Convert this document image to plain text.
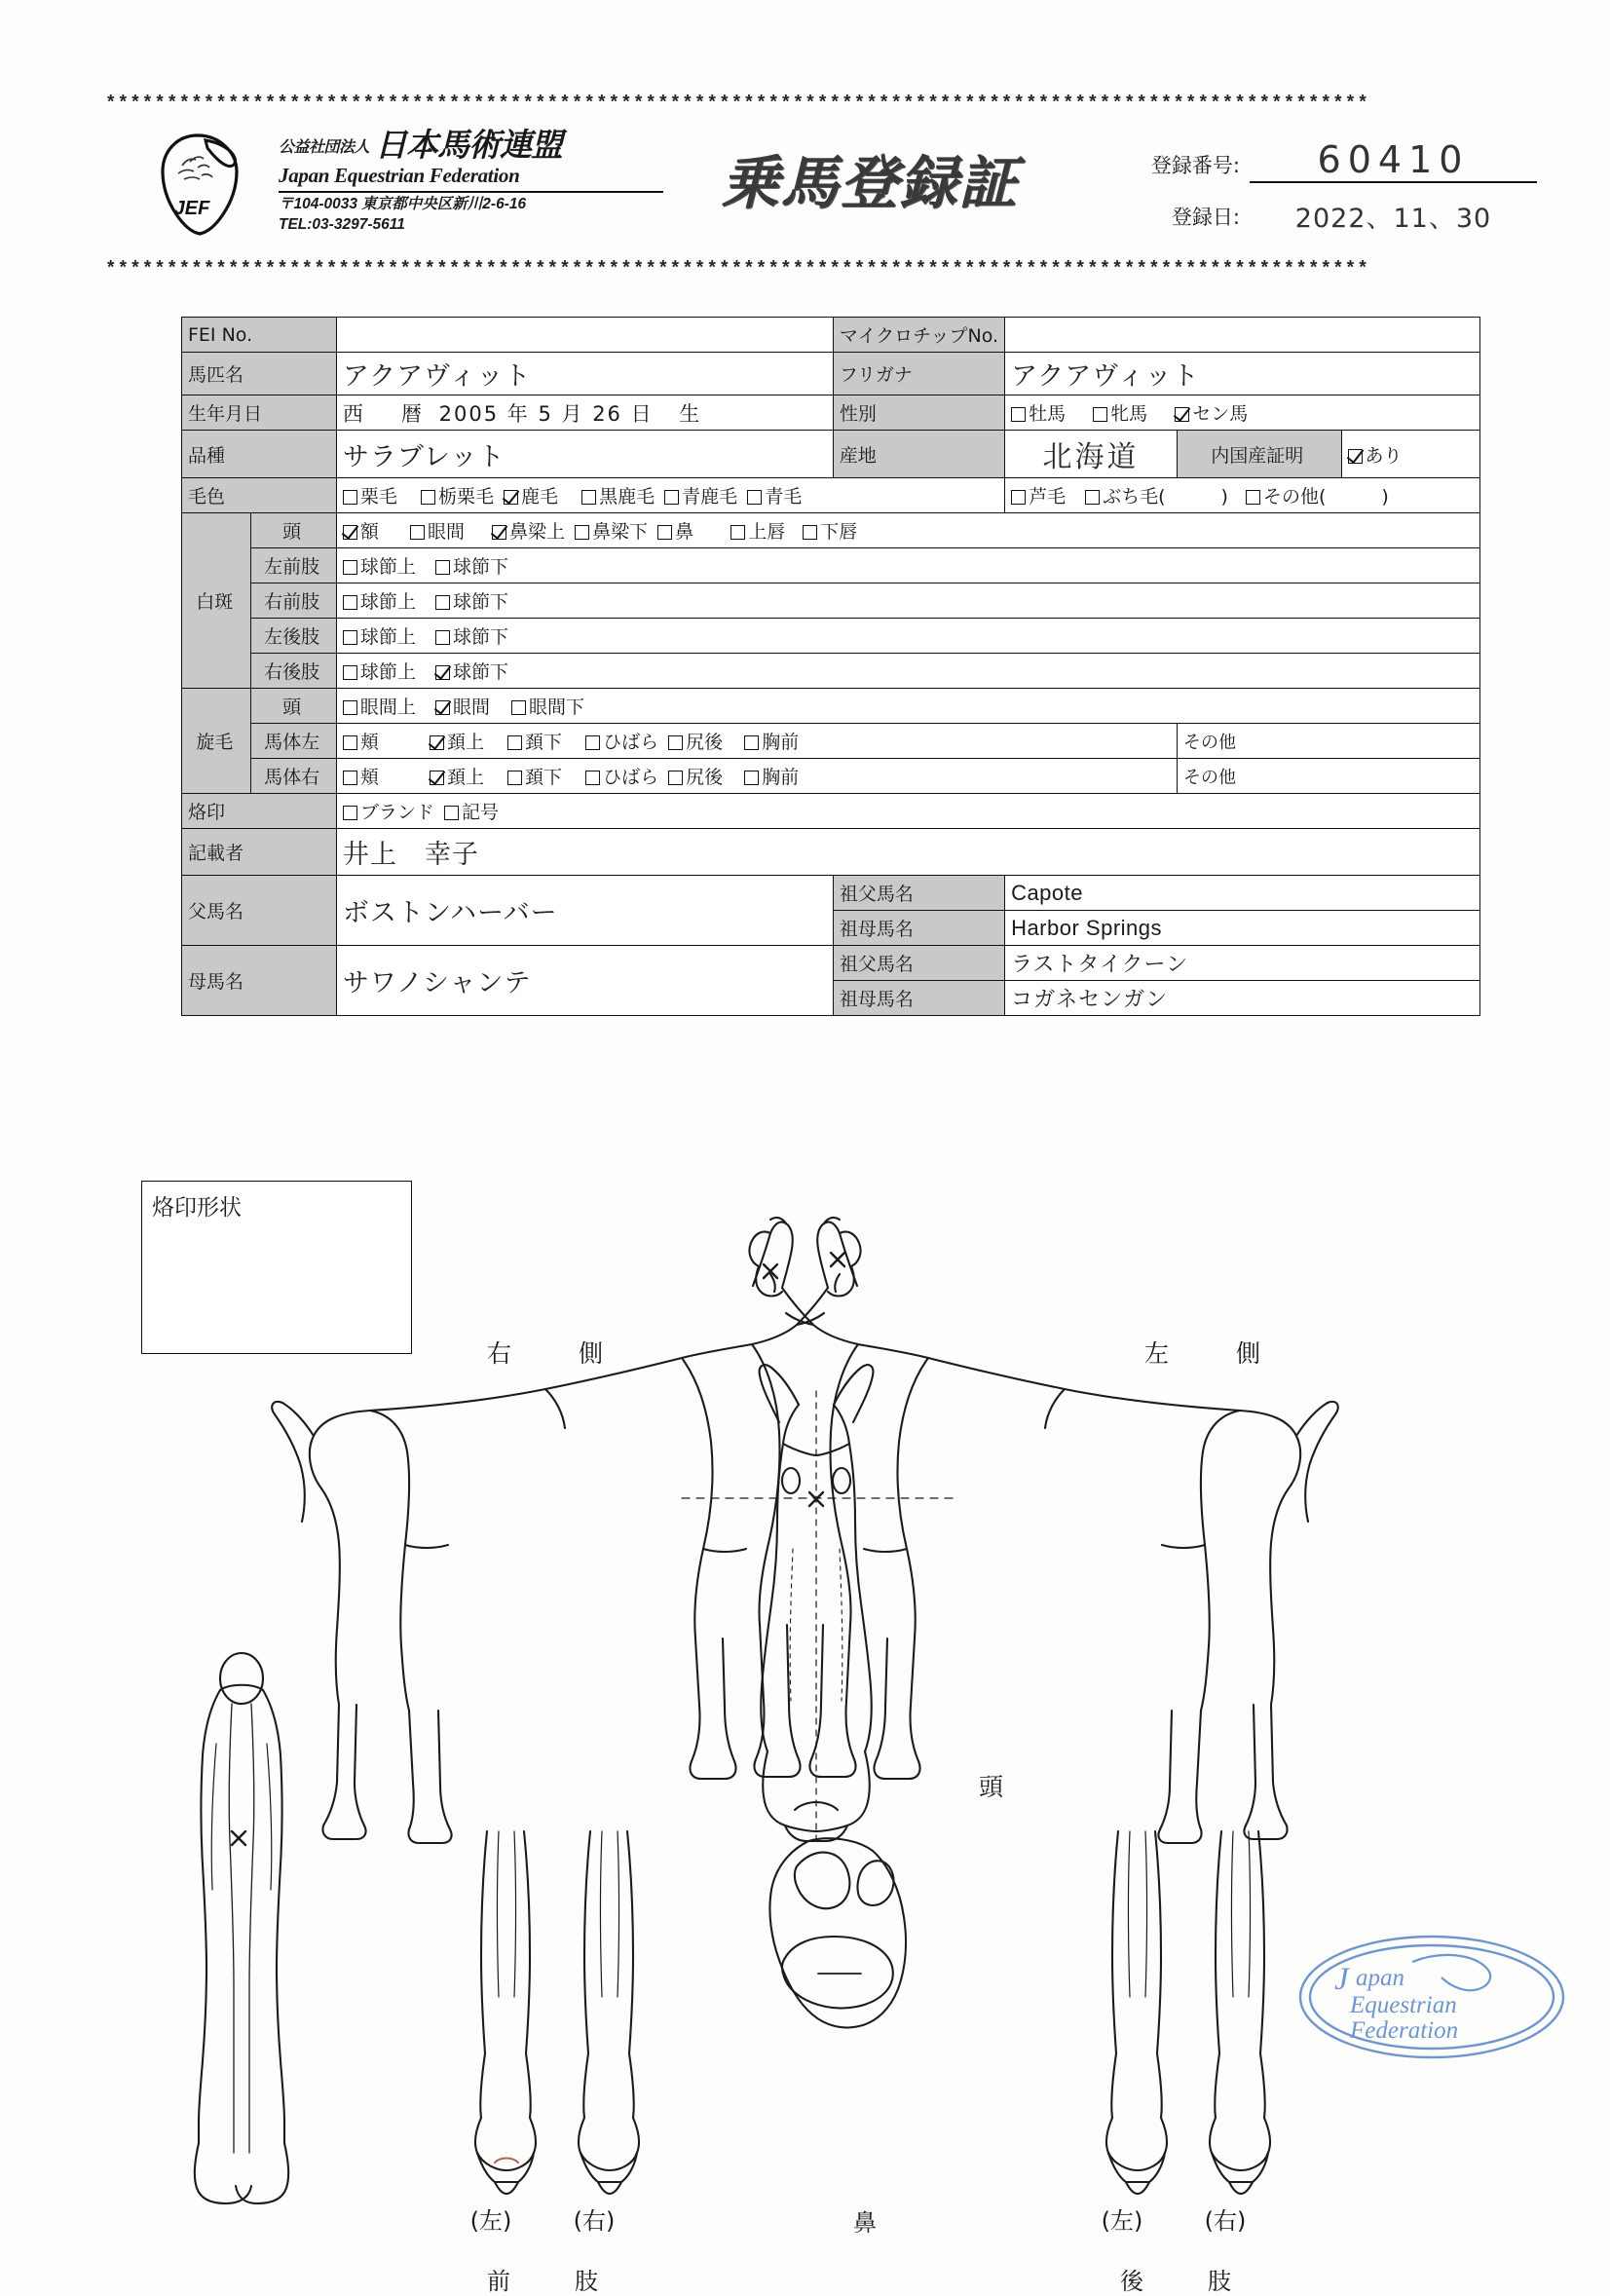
*******************************************************************************************************
JEF
公益社団法人 日本馬術連盟
Japan Equestrian Federation
〒104-0033 東京都中央区新川2-6-16
TEL:03-3297-5611
乗馬登録証	登録番号:	60410
登録日:	2022、11、30
*******************************************************************************************************
FEI No.			マイクロチップNo.			
馬匹名		アクアヴィット	フリガナ	アクアヴィット		
生年月日		西　暦 2005 年 5 月 26 日 生	性別	牡馬 牝馬 セン馬		
品種		サラブレット	産地	北海道	内国産証明	あり
毛色		栗毛 栃栗毛 鹿毛 黒鹿毛 青鹿毛 青毛		芦毛 ぶち毛(　　　) その他(　　　)		
白斑	頭	額 眼間 鼻梁上 鼻梁下 鼻 上唇 下唇				
	左前肢	球節上 球節下				
	右前肢	球節上 球節下				
	左後肢	球節上 球節下				
	右後肢	球節上 球節下				
旋毛	頭	眼間上 眼間 眼間下				
	馬体左	頬 頚上 頚下 ひばら 尻後 胸前			その他	
	馬体右	頬 頚上 頚下 ひばら 尻後 胸前			その他	
烙印		ブランド 記号				
記載者		井上　幸子				
父馬名		ボストンハーバー	祖父馬名	Capote		
			祖母馬名	Harbor Springs		
母馬名		サワノシャンテ	祖父馬名	ラストタイクーン		
			祖母馬名	コガネセンガン		
烙印形状
右　側	左　側
頭
(左)	(右)
前　　肢
鼻	(左)	(右)
後　　肢
J apan
Equestrian
Federation
